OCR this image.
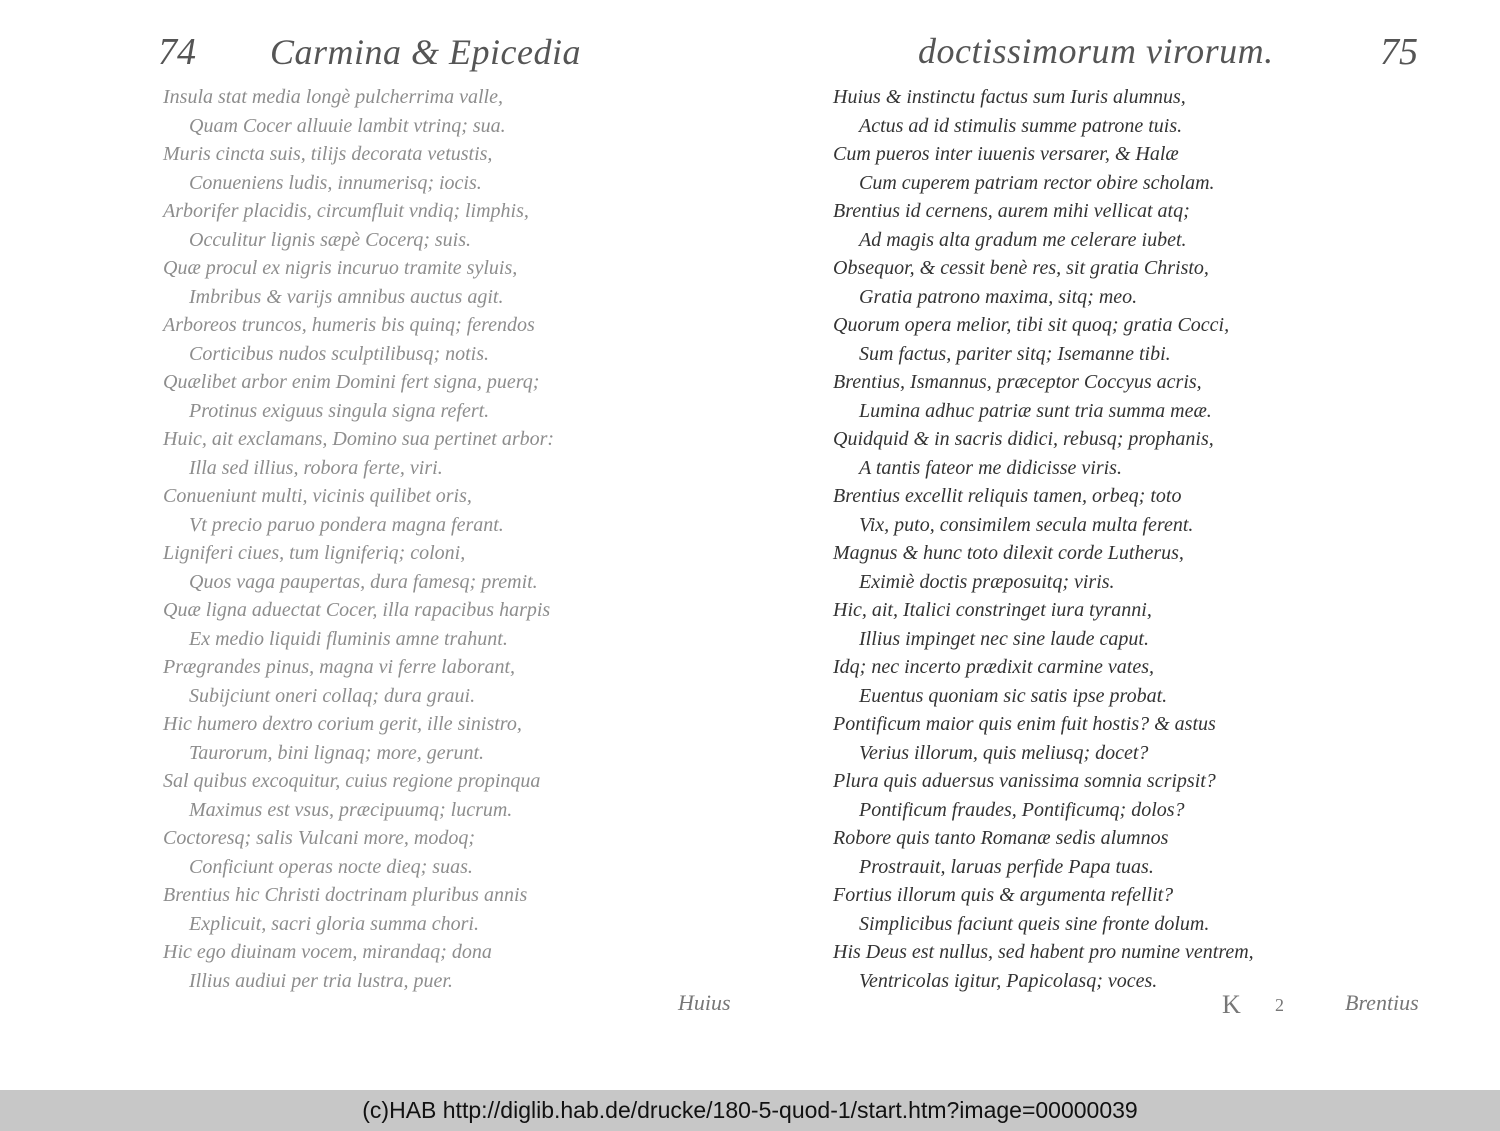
74 Carmina & Epicedia	doctissimorum virorum.	75
Insula stat media longè pulcherrima valle,
Quam Cocer alluuie lambit vtrinq; sua.
Muris cincta suis, tilijs decorata vetustis,
Conueniens ludis, innumerisq; iocis.
Arborifer placidis, circumfluit vndiq; limphis,
Occulitur lignis sæpè Cocerq; suis.
Quæ procul ex nigris incuruo tramite syluis,
Imbribus & varijs amnibus auctus agit.
Arboreos truncos, humeris bis quinq; ferendos
Corticibus nudos sculptilibusq; notis.
Quælibet arbor enim Domini fert signa, puerq;
Protinus exiguus singula signa refert.
Huic, ait exclamans, Domino sua pertinet arbor:
Illa sed illius, robora ferte, viri.
Conueniunt multi, vicinis quilibet oris,
Vt precio paruo pondera magna ferant.
Ligniferi ciues, tum ligniferiq; coloni,
Quos vaga paupertas, dura famesq; premit.
Quæ ligna aduectat Cocer, illa rapacibus harpis
Ex medio liquidi fluminis amne trahunt.
Prægrandes pinus, magna vi ferre laborant,
Subijciunt oneri collaq; dura graui.
Hic humero dextro corium gerit, ille sinistro,
Taurorum, bini lignaq; more, gerunt.
Sal quibus excoquitur, cuius regione propinqua
Maximus est vsus, præcipuumq; lucrum.
Coctoresq; salis Vulcani more, modoq;
Conficiunt operas nocte dieq; suas.
Brentius hic Christi doctrinam pluribus annis
Explicuit, sacri gloria summa chori.
Hic ego diuinam vocem, mirandaq; dona
Illius audiui per tria lustra, puer.
Huius & instinctu factus sum Iuris alumnus,
Actus ad id stimulis summe patrone tuis.
Cum pueros inter iuuenis versarer, & Halæ
Cum cuperem patriam rector obire scholam.
Brentius id cernens, aurem mihi vellicat atq;
Ad magis alta gradum me celerare iubet.
Obsequor, & cessit benè res, sit gratia Christo,
Gratia patrono maxima, sitq; meo.
Quorum opera melior, tibi sit quoq; gratia Cocci,
Sum factus, pariter sitq; Isemanne tibi.
Brentius, Ismannus, præceptor Coccyus acris,
Lumina adhuc patriæ sunt tria summa meæ.
Quidquid & in sacris didici, rebusq; prophanis,
A tantis fateor me didicisse viris.
Brentius excellit reliquis tamen, orbeq; toto
Vix, puto, consimilem secula multa ferent.
Magnus & hunc toto dilexit corde Lutherus,
Eximiè doctis præposuitq; viris.
Hic, ait, Italici constringet iura tyranni,
Illius impinget nec sine laude caput.
Idq; nec incerto prædixit carmine vates,
Euentus quoniam sic satis ipse probat.
Pontificum maior quis enim fuit hostis? & astus
Verius illorum, quis meliusq; docet?
Plura quis aduersus vanissima somnia scripsit?
Pontificum fraudes, Pontificumq; dolos?
Robore quis tanto Romanæ sedis alumnos
Prostrauit, laruas perfide Papa tuas.
Fortius illorum quis & argumenta refellit?
Simplicibus faciunt queis sine fronte dolum.
His Deus est nullus, sed habent pro numine ventrem,
Ventricolas igitur, Papicolasq; voces.
Huius	K 2	Brentius
(c)HAB http://diglib.hab.de/drucke/180-5-quod-1/start.htm?image=00000039
